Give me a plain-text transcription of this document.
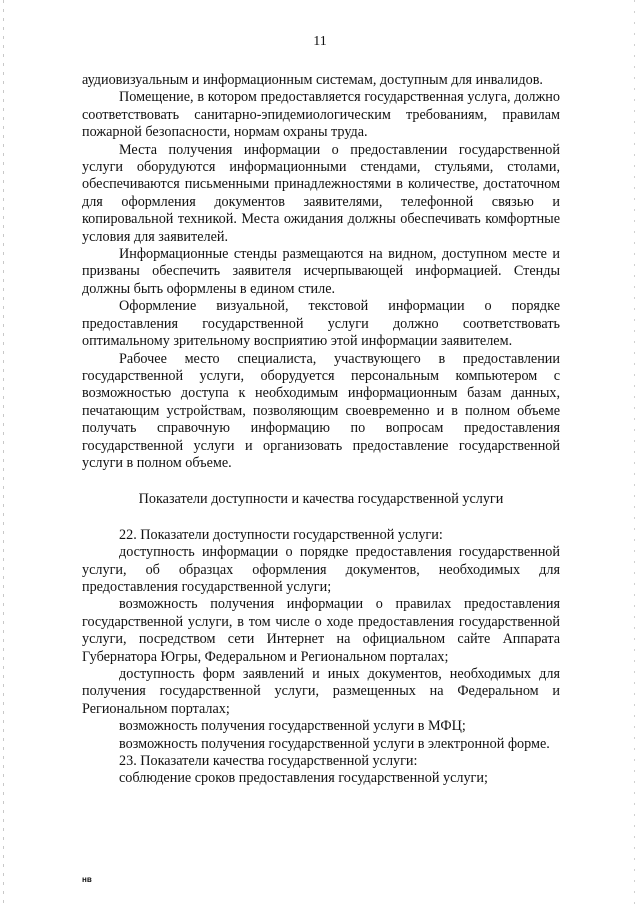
11

аудиовизуальным и информационным системам, доступным для инвалидов.

Помещение, в котором предоставляется государственная услуга, должно соответствовать санитарно-эпидемиологическим требованиям, правилам пожарной безопасности, нормам охраны труда.

Места получения информации о предоставлении государственной услуги оборудуются информационными стендами, стульями, столами, обеспечиваются письменными принадлежностями в количестве, достаточном для оформления документов заявителями, телефонной связью и копировальной техникой. Места ожидания должны обеспечивать комфортные условия для заявителей.

Информационные стенды размещаются на видном, доступном месте и призваны обеспечить заявителя исчерпывающей информацией. Стенды должны быть оформлены в едином стиле.

Оформление визуальной, текстовой информации о порядке предоставления государственной услуги должно соответствовать оптимальному зрительному восприятию этой информации заявителем.

Рабочее место специалиста, участвующего в предоставлении государственной услуги, оборудуется персональным компьютером с возможностью доступа к необходимым информационным базам данных, печатающим устройствам, позволяющим своевременно и в полном объеме получать справочную информацию по вопросам предоставления государственной услуги и организовать предоставление государственной услуги в полном объеме.

Показатели доступности и качества государственной услуги

22. Показатели доступности государственной услуги:

доступность информации о порядке предоставления государственной услуги, об образцах оформления документов, необходимых для предоставления государственной услуги;

возможность получения информации о правилах предоставления государственной услуги, в том числе о ходе предоставления государственной услуги, посредством сети Интернет на официальном сайте Аппарата Губернатора Югры, Федеральном и Региональном порталах;

доступность форм заявлений и иных документов, необходимых для получения государственной услуги, размещенных на Федеральном и Региональном порталах;

возможность получения государственной услуги в МФЦ;

возможность получения государственной услуги в электронной форме.

23. Показатели качества государственной услуги:

соблюдение сроков предоставления государственной услуги;

нв
